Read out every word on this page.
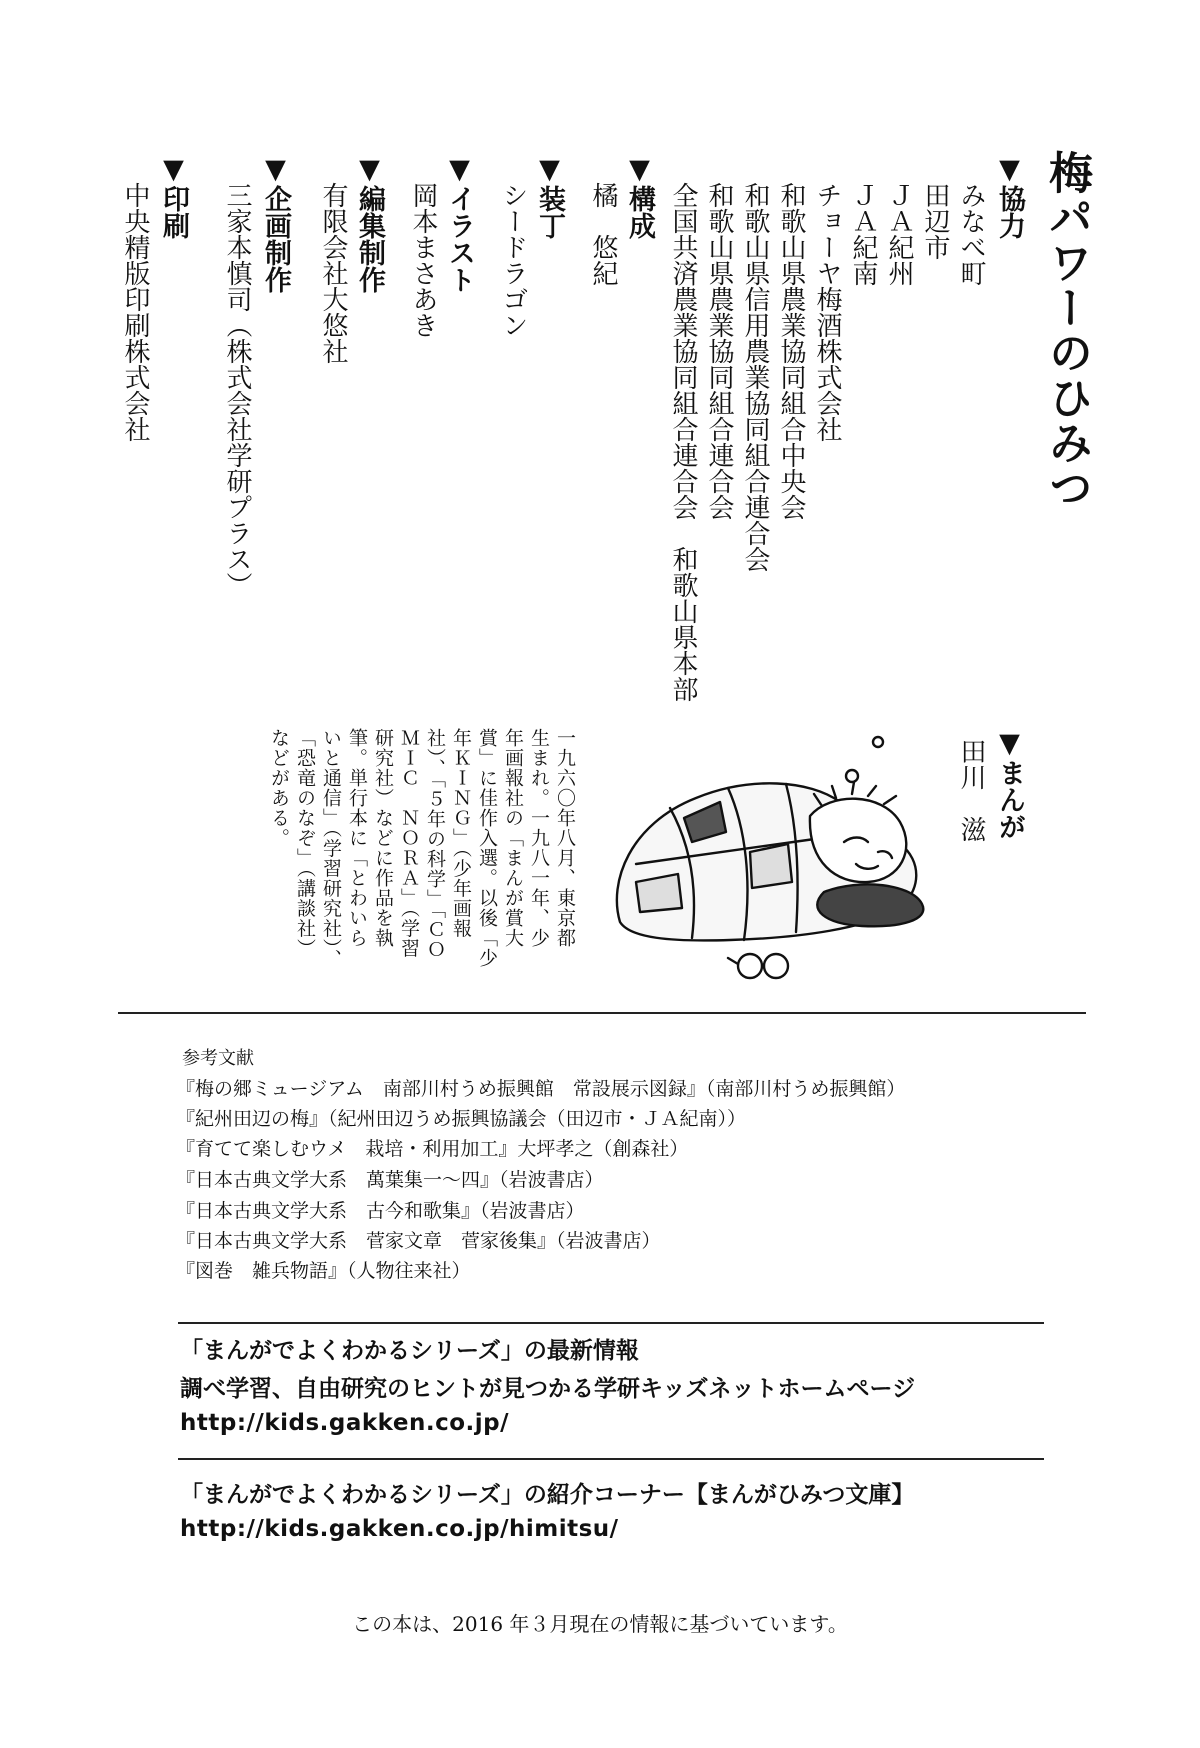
梅パワーのひみつ
▼協力
みなべ町
田辺市
ＪＡ紀州
ＪＡ紀南
チョーヤ梅酒株式会社
和歌山県農業協同組合中央会
和歌山県信用農業協同組合連合会
和歌山県農業協同組合連合会
全国共済農業協同組合連合会　和歌山県本部
▼構成
橘　悠紀
▼装丁
シードラゴン
▼イラスト
岡本まさあき
▼編集制作
有限会社大悠社
▼企画制作
三家本慎司（株式会社学研プラス）
▼印刷
中央精版印刷株式会社
▼まんが
田川　滋
参考文献
『梅の郷ミュージアム　南部川村うめ振興館　常設展示図録』（南部川村うめ振興館）
『紀州田辺の梅』（紀州田辺うめ振興協議会（田辺市・ＪＡ紀南））
『育てて楽しむウメ　栽培・利用加工』大坪孝之（創森社）
『日本古典文学大系　萬葉集一～四』（岩波書店）
『日本古典文学大系　古今和歌集』（岩波書店）
『日本古典文学大系　菅家文章　菅家後集』（岩波書店）
『図巻　雑兵物語』（人物往来社）
「まんがでよくわかるシリーズ」の最新情報
調べ学習、自由研究のヒントが見つかる学研キッズネットホームページ
http://kids.gakken.co.jp/
「まんがでよくわかるシリーズ」の紹介コーナー【まんがひみつ文庫】
http://kids.gakken.co.jp/himitsu/
この本は、2016 年３月現在の情報に基づいています。
一九六〇年八月、東京都
生まれ。一九八一年、少
年画報社の「まんが賞大
賞」に佳作入選。以後「少
年ＫＩＮＧ」（少年画報
社）、「５年の科学」「ＣＯ
ＭＩＣ　ＮＯＲＡ」（学習
研究社）などに作品を執
筆。単行本に「とわいら
いと通信」（学習研究社）、
「恐竜のなぞ」（講談社）
などがある。
